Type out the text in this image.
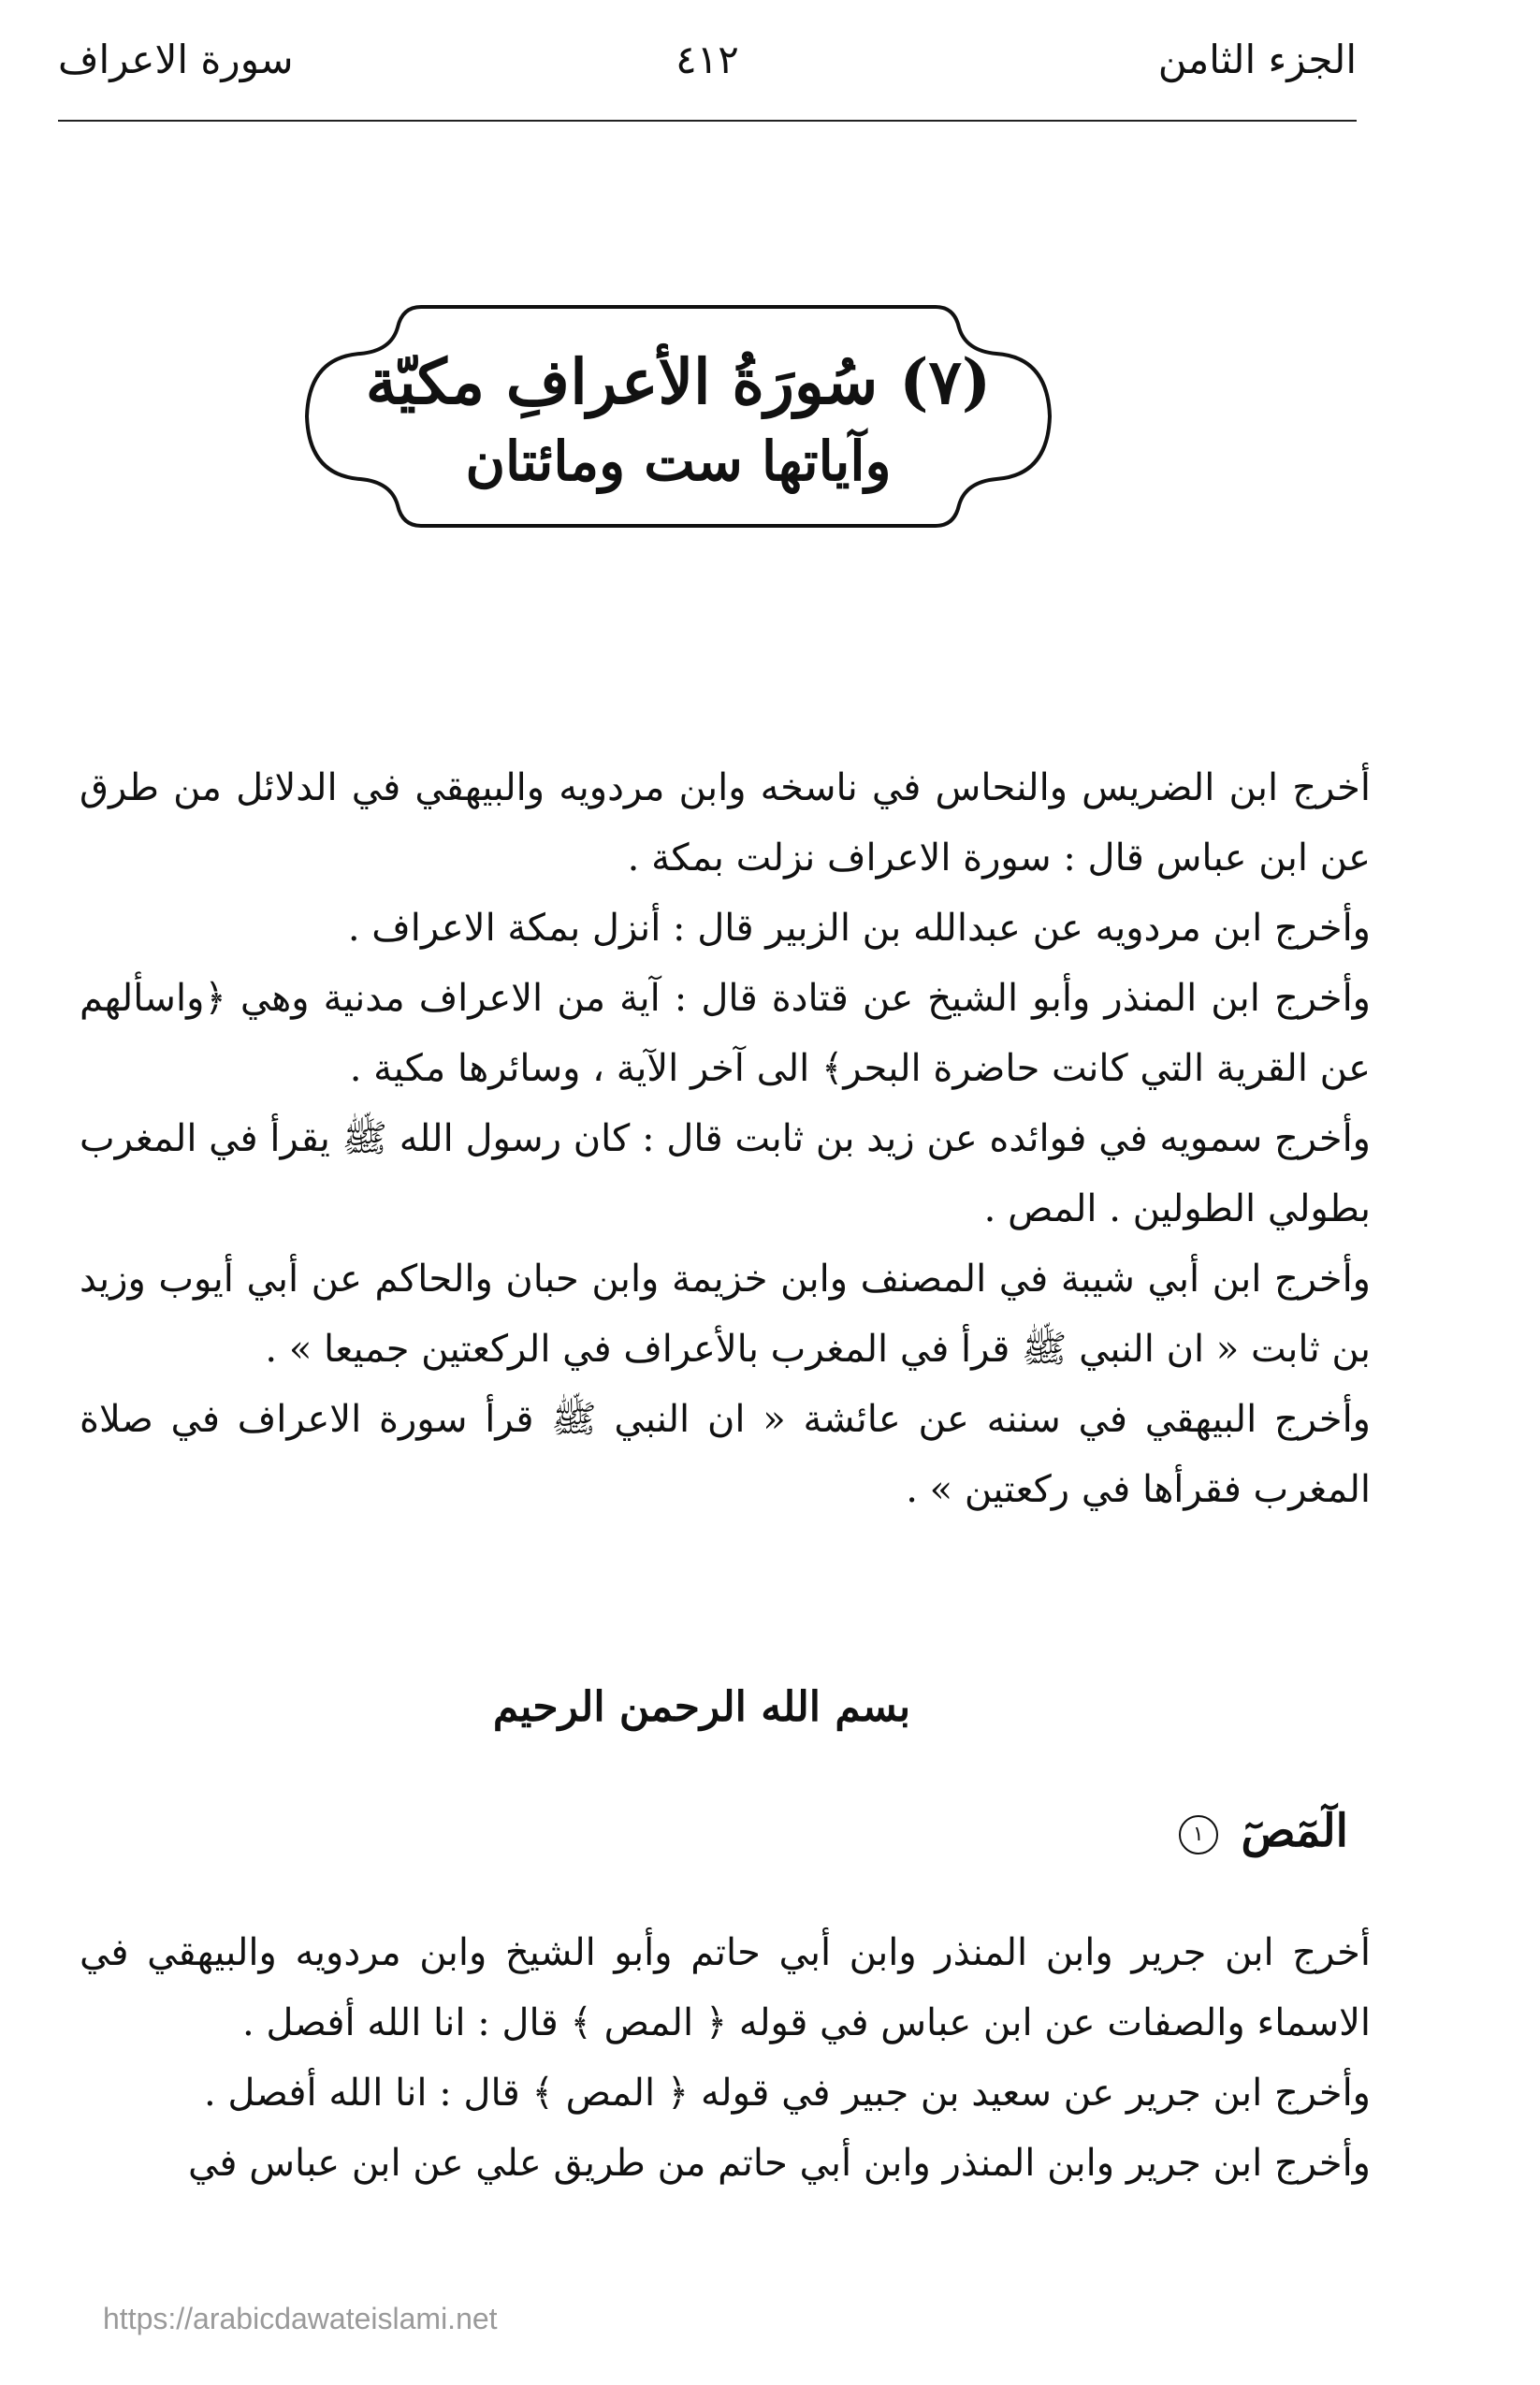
الجزء الثامن
٤١٢
سورة الاعراف
(٧) سُورَةُ الأعرافِ مكيّة
وآياتها ست ومائتان

أخرج ابن الضريس والنحاس في ناسخه وابن مردويه والبيهقي في الدلائل من طرق عن ابن عباس قال : سورة الاعراف نزلت بمكة .

وأخرج ابن مردويه عن عبدالله بن الزبير قال : أنزل بمكة الاعراف .

وأخرج ابن المنذر وأبو الشيخ عن قتادة قال : آية من الاعراف مدنية وهي ﴿واسألهم عن القرية التي كانت حاضرة البحر﴾ الى آخر الآية ، وسائرها مكية .

وأخرج سمويه في فوائده عن زيد بن ثابت قال : كان رسول الله ﷺ يقرأ في المغرب بطولي الطولين . المص .

وأخرج ابن أبي شيبة في المصنف وابن خزيمة وابن حبان والحاكم عن أبي أيوب وزيد بن ثابت « ان النبي ﷺ قرأ في المغرب بالأعراف في الركعتين جميعا » .

وأخرج البيهقي في سننه عن عائشة « ان النبي ﷺ قرأ سورة الاعراف في صلاة المغرب فقرأها في ركعتين » .

بسم الله الرحمن الرحيم
الٓمٓصٓ ١

أخرج ابن جرير وابن المنذر وابن أبي حاتم وأبو الشيخ وابن مردويه والبيهقي في الاسماء والصفات عن ابن عباس في قوله ﴿ المص ﴾ قال : انا الله أفصل .

وأخرج ابن جرير عن سعيد بن جبير في قوله ﴿ المص ﴾ قال : انا الله أفصل .

وأخرج ابن جرير وابن المنذر وابن أبي حاتم من طريق علي عن ابن عباس في

https://arabicdawateislami.net
